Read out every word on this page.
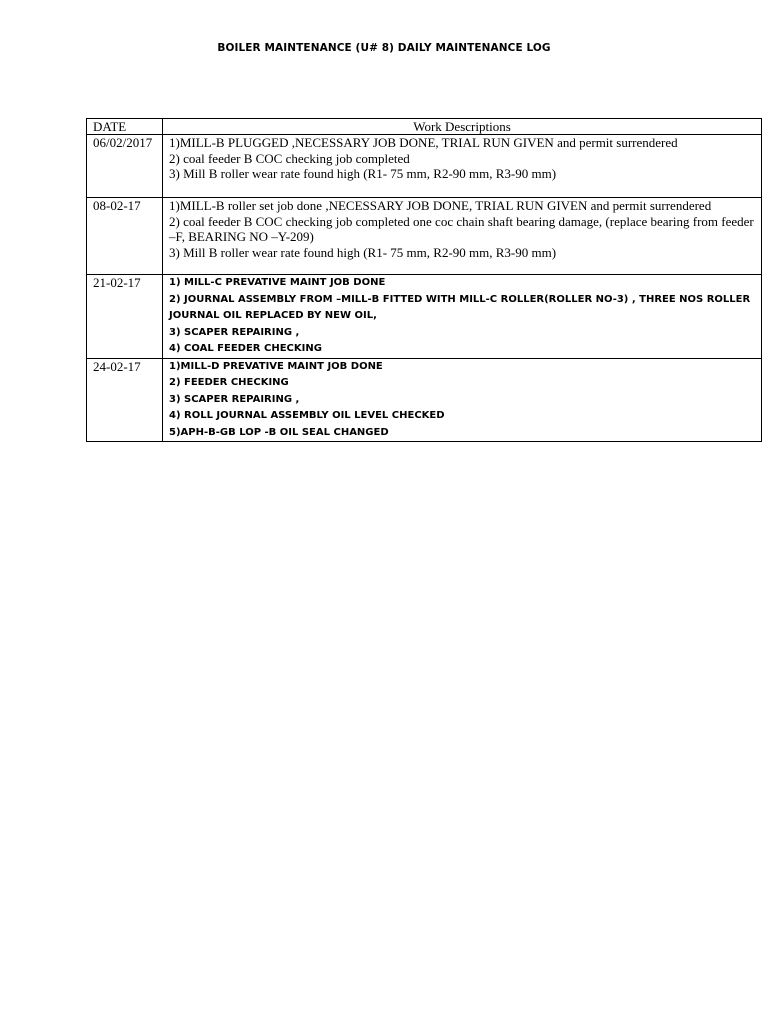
BOILER MAINTENANCE (U# 8) DAILY MAINTENANCE LOG
DATE	Work Descriptions
06/02/2017	1)MILL-B PLUGGED ,NECESSARY JOB DONE, TRIAL RUN GIVEN and permit surrendered
2) coal feeder B COC checking job completed
3) Mill B roller wear rate found high (R1- 75 mm, R2-90 mm, R3-90 mm)

08-02-17	1)MILL-B roller set job done ,NECESSARY JOB DONE, TRIAL RUN GIVEN and permit surrendered
2) coal feeder B COC checking job completed one coc chain shaft bearing damage, (replace bearing from feeder –F, BEARING NO –Y-209)
3) Mill B roller wear rate found high (R1- 75 mm, R2-90 mm, R3-90 mm)

21-02-17	1) MILL-C PREVATIVE MAINT JOB DONE
2) JOURNAL ASSEMBLY FROM –MILL-B FITTED WITH MILL-C ROLLER(ROLLER NO-3) , THREE NOS ROLLER JOURNAL OIL REPLACED BY NEW OIL,
3) SCAPER REPAIRING ,
4) COAL FEEDER CHECKING

24-02-17	1)MILL-D PREVATIVE MAINT JOB DONE
2) FEEDER CHECKING
3) SCAPER REPAIRING ,
4) ROLL JOURNAL ASSEMBLY OIL LEVEL CHECKED
5)APH-B-GB LOP -B OIL SEAL CHANGED
